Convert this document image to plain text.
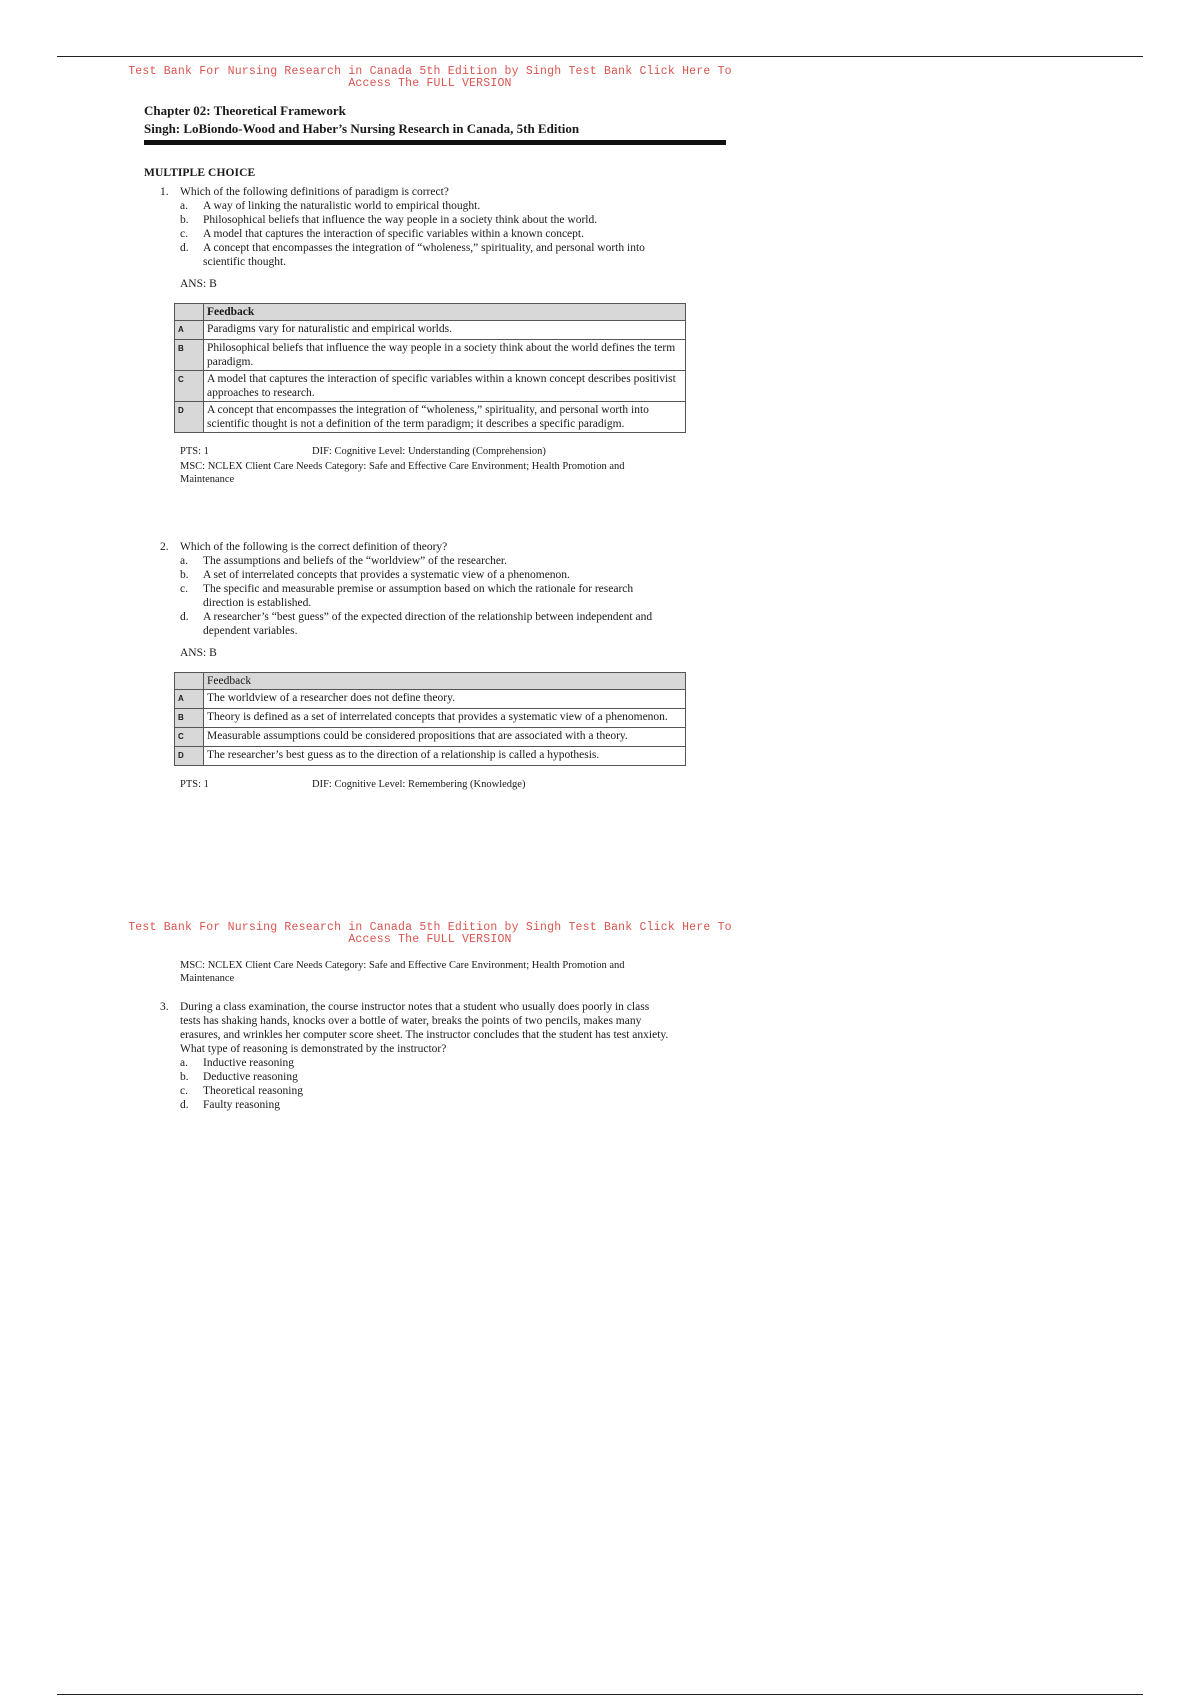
Test Bank For Nursing Research in Canada 5th Edition by Singh Test Bank Click Here To
Access The FULL VERSION

Chapter 02: Theoretical Framework

Singh: LoBiondo-Wood and Haber’s Nursing Research in Canada, 5th Edition

MULTIPLE CHOICE
1. Which of the following definitions of paradigm is correct?
a. A way of linking the naturalistic world to empirical thought.
b. Philosophical beliefs that influence the way people in a society think about the world.
c. A model that captures the interaction of specific variables within a known concept.
d. A concept that encompasses the integration of “wholeness,” spirituality, and personal worth into scientific thought.
ANS: B
	Feedback
A	Paradigms vary for naturalistic and empirical worlds.
B	Philosophical beliefs that influence the way people in a society think about the world defines the term paradigm.
C	A model that captures the interaction of specific variables within a known concept describes positivist approaches to research.
D	A concept that encompasses the integration of “wholeness,” spirituality, and personal worth into scientific thought is not a definition of the term paradigm; it describes a specific paradigm.
PTS: 1	DIF: Cognitive Level: Understanding (Comprehension)
MSC: NCLEX Client Care Needs Category: Safe and Effective Care Environment; Health Promotion and Maintenance
2. Which of the following is the correct definition of theory?
a. The assumptions and beliefs of the “worldview” of the researcher.
b. A set of interrelated concepts that provides a systematic view of a phenomenon.
c. The specific and measurable premise or assumption based on which the rationale for research direction is established.
d. A researcher’s “best guess” of the expected direction of the relationship between independent and dependent variables.
ANS: B
	Feedback
A	The worldview of a researcher does not define theory.
B	Theory is defined as a set of interrelated concepts that provides a systematic view of a phenomenon.
C	Measurable assumptions could be considered propositions that are associated with a theory.
D	The researcher’s best guess as to the direction of a relationship is called a hypothesis.
PTS: 1	DIF: Cognitive Level: Remembering (Knowledge)
Test Bank For Nursing Research in Canada 5th Edition by Singh Test Bank Click Here To
Access The FULL VERSION
MSC: NCLEX Client Care Needs Category: Safe and Effective Care Environment; Health Promotion and Maintenance
3. During a class examination, the course instructor notes that a student who usually does poorly in class tests has shaking hands, knocks over a bottle of water, breaks the points of two pencils, makes many erasures, and wrinkles her computer score sheet. The instructor concludes that the student has test anxiety. What type of reasoning is demonstrated by the instructor?
a. Inductive reasoning
b. Deductive reasoning
c. Theoretical reasoning
d. Faulty reasoning
